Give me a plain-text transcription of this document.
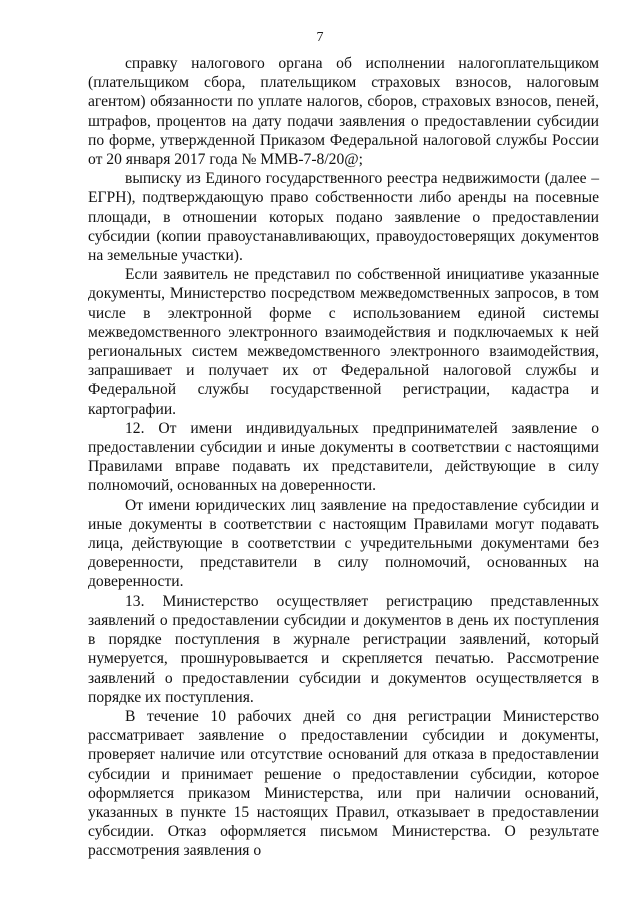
7

справку налогового органа об исполнении налогоплательщиком (плательщиком сбора, плательщиком страховых взносов, налоговым агентом) обязанности по уплате налогов, сборов, страховых взносов, пеней, штрафов, процентов на дату подачи заявления о предоставлении субсидии по форме, утвержденной Приказом Федеральной налоговой службы России от 20 января 2017 года № ММВ-7-8/20@;

выписку из Единого государственного реестра недвижимости (далее – ЕГРН), подтверждающую право собственности либо аренды на посевные площади, в отношении которых подано заявление о предоставлении субсидии (копии правоустанавливающих, правоудостоверящих документов на земельные участки).

Если заявитель не представил по собственной инициативе указанные документы, Министерство посредством межведомственных запросов, в том числе в электронной форме с использованием единой системы межведомственного электронного взаимодействия и подключаемых к ней региональных систем межведомственного электронного взаимодействия, запрашивает и получает их от Федеральной налоговой службы и Федеральной службы государственной регистрации, кадастра и картографии.

12. От имени индивидуальных предпринимателей заявление о предоставлении субсидии и иные документы в соответствии с настоящими Правилами вправе подавать их представители, действующие в силу полномочий, основанных на доверенности.

От имени юридических лиц заявление на предоставление субсидии и иные документы в соответствии с настоящим Правилами могут подавать лица, действующие в соответствии с учредительными документами без доверенности, представители в силу полномочий, основанных на доверенности.

13. Министерство осуществляет регистрацию представленных заявлений о предоставлении субсидии и документов в день их поступления в порядке поступления в журнале регистрации заявлений, который нумеруется, прошнуровывается и скрепляется печатью. Рассмотрение заявлений о предоставлении субсидии и документов осуществляется в порядке их поступления.

В течение 10 рабочих дней со дня регистрации Министерство рассматривает заявление о предоставлении субсидии и документы, проверяет наличие или отсутствие оснований для отказа в предоставлении субсидии и принимает решение о предоставлении субсидии, которое оформляется приказом Министерства, или при наличии оснований, указанных в пункте 15 настоящих Правил, отказывает в предоставлении субсидии. Отказ оформляется письмом Министерства. О результате рассмотрения заявления о
